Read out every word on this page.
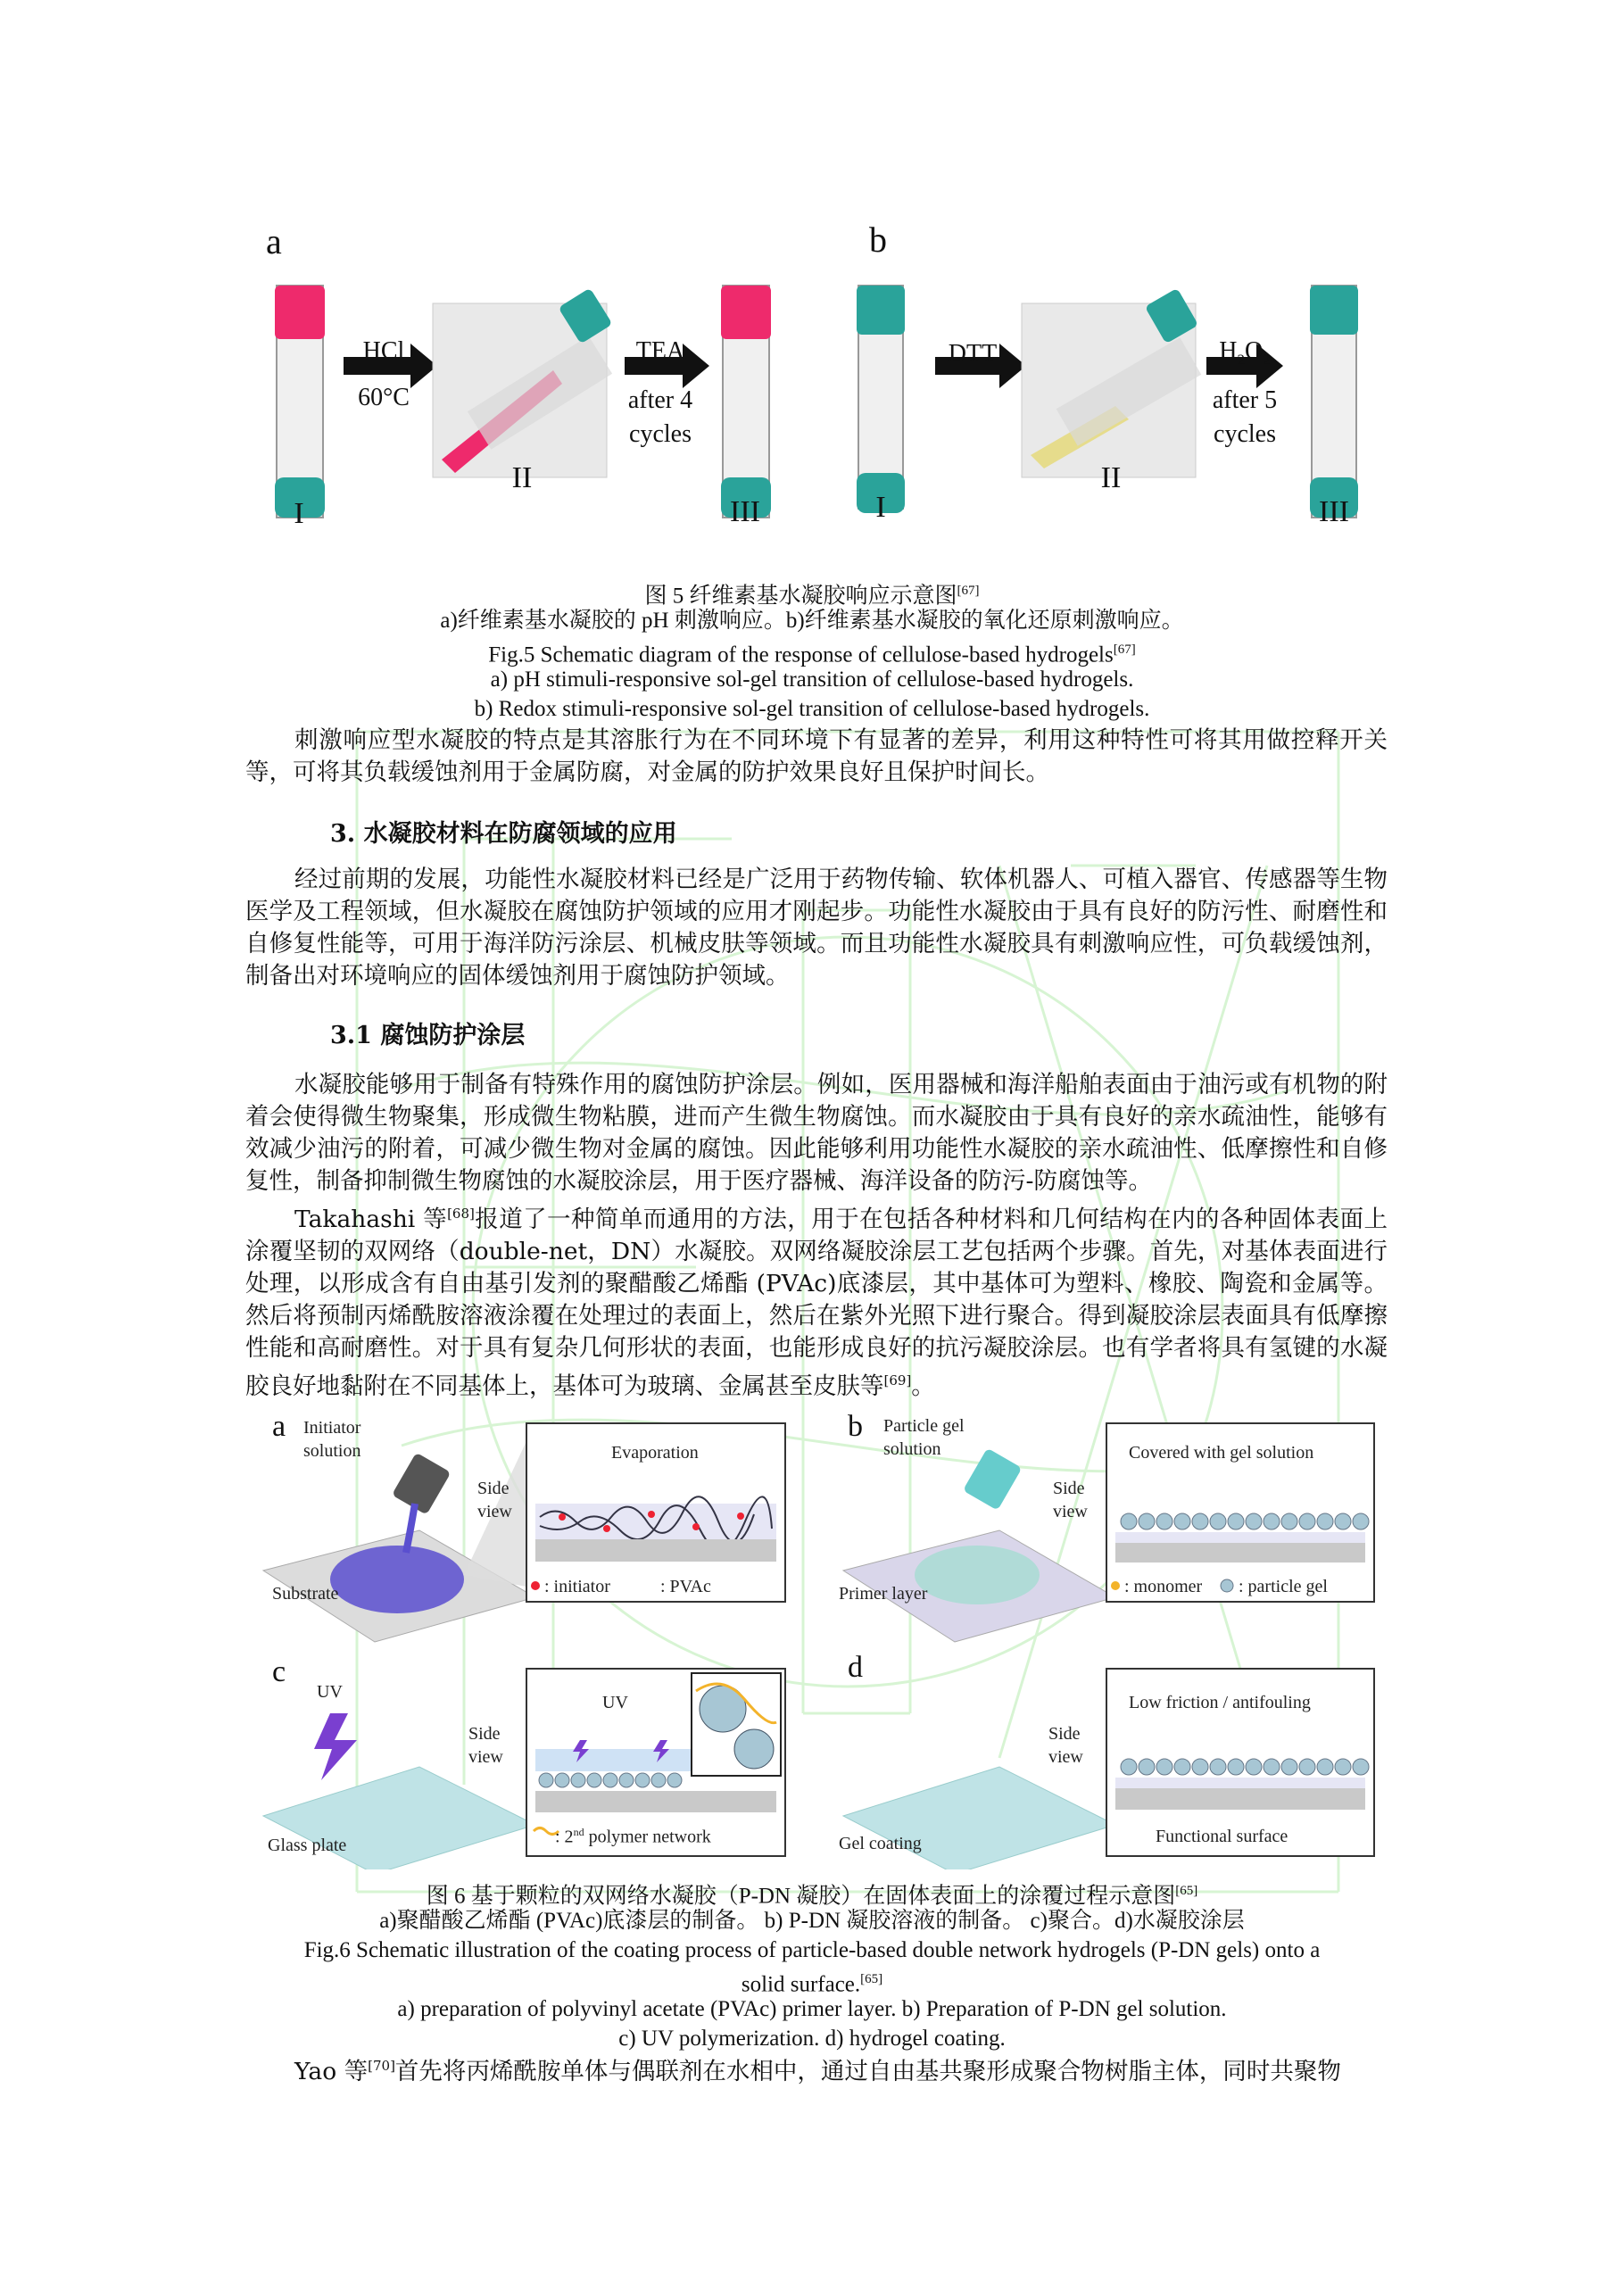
a	b
I
II
III	I
II
III
HCl
60°C
TEA
after 4
cycles
DTT	$H_2O_2$
after 5
cycles
图 5 纤维素基水凝胶响应示意图[67]
a)纤维素基水凝胶的 pH 刺激响应。b)纤维素基水凝胶的氧化还原刺激响应。
Fig.5 Schematic diagram of the response of cellulose-based hydrogels[67]
a) pH stimuli-responsive sol-gel transition of cellulose-based hydrogels.
b) Redox stimuli-responsive sol-gel transition of cellulose-based hydrogels.
刺激响应型水凝胶的特点是其溶胀行为在不同环境下有显著的差异，利用这种特性可将其用做控释开关等，可将其负载缓蚀剂用于金属防腐，对金属的防护效果良好且保护时间长。
3. 水凝胶材料在防腐领域的应用
经过前期的发展，功能性水凝胶材料已经是广泛用于药物传输、软体机器人、可植入器官、传感器等生物医学及工程领域，但水凝胶在腐蚀防护领域的应用才刚起步。功能性水凝胶由于具有良好的防污性、耐磨性和自修复性能等，可用于海洋防污涂层、机械皮肤等领域。而且功能性水凝胶具有刺激响应性，可负载缓蚀剂，制备出对环境响应的固体缓蚀剂用于腐蚀防护领域。
3.1 腐蚀防护涂层
水凝胶能够用于制备有特殊作用的腐蚀防护涂层。例如，医用器械和海洋船舶表面由于油污或有机物的附着会使得微生物聚集，形成微生物粘膜，进而产生微生物腐蚀。而水凝胶由于具有良好的亲水疏油性，能够有效减少油污的附着，可减少微生物对金属的腐蚀。因此能够利用功能性水凝胶的亲水疏油性、低摩擦性和自修复性，制备抑制微生物腐蚀的水凝胶涂层，用于医疗器械、海洋设备的防污-防腐蚀等。
Takahashi 等[68]报道了一种简单而通用的方法，用于在包括各种材料和几何结构在内的各种固体表面上涂覆坚韧的双网络（double-net，DN）水凝胶。双网络凝胶涂层工艺包括两个步骤。首先，对基体表面进行处理，以形成含有自由基引发剂的聚醋酸乙烯酯 (PVAc)底漆层，其中基体可为塑料、橡胶、陶瓷和金属等。然后将预制丙烯酰胺溶液涂覆在处理过的表面上，然后在紫外光照下进行聚合。得到凝胶涂层表面具有低摩擦性能和高耐磨性。对于具有复杂几何形状的表面，也能形成良好的抗污凝胶涂层。也有学者将具有氢键的水凝胶良好地黏附在不同基体上，基体可为玻璃、金属甚至皮肤等[69]。
a Initiator
solution
Substrate
Side
view
Evaporation
: initiator	: PVAc
b Particle gel
solution
Primer layer
Side
view
Covered with gel solution
: monomer : particle gel
c
UV
Glass plate
Side
view
UV
: 2nd polymer network
d
Gel coating
Side
view
Low friction / antifouling
Functional surface
图 6 基于颗粒的双网络水凝胶（P-DN 凝胶）在固体表面上的涂覆过程示意图[65]
a)聚醋酸乙烯酯 (PVAc)底漆层的制备。 b) P-DN 凝胶溶液的制备。 c)聚合。d)水凝胶涂层
Fig.6 Schematic illustration of the coating process of particle-based double network hydrogels (P-DN gels) onto a
solid surface.[65]
a) preparation of polyvinyl acetate (PVAc) primer layer. b) Preparation of P-DN gel solution.
c) UV polymerization. d) hydrogel coating.
Yao 等[70]首先将丙烯酰胺单体与偶联剂在水相中，通过自由基共聚形成聚合物树脂主体，同时共聚物
